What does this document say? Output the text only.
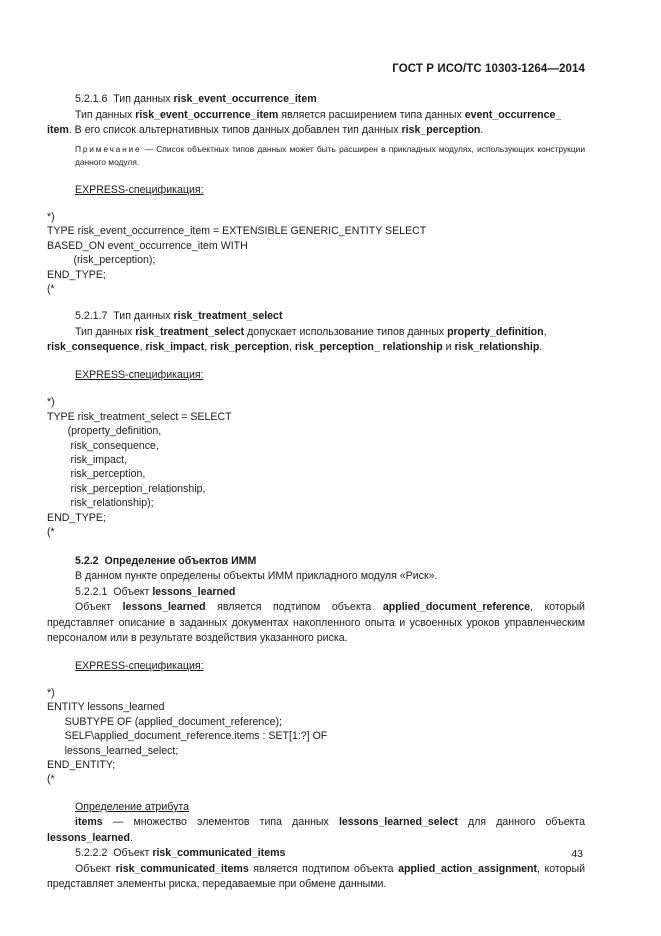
ГОСТ Р ИСО/ТС 10303-1264—2014

5.2.1.6 Тип данных risk_event_occurrence_item

Тип данных risk_event_occurrence_item является расширением типа данных event_occurrence_

item. В его список альтернативных типов данных добавлен тип данных risk_perception.

Примечание — Список объектных типов данных может быть расширен в прикладных модулях, использующих конструкции данного модуля.

EXPRESS-спецификация:

*)
TYPE risk_event_occurrence_item = EXTENSIBLE GENERIC_ENTITY SELECT
BASED_ON event_occurrence_item WITH
(risk_perception);
END_TYPE;
(*

5.2.1.7 Тип данных risk_treatment_select

Тип данных risk_treatment_select допускает использование типов данных property_definition,

risk_consequence, risk_impact, risk_perception, risk_perception_ relationship и risk_relationship.

EXPRESS-спецификация:

*)
TYPE risk_treatment_select = SELECT
(property_definition,
risk_consequence,
risk_impact,
risk_perception,
risk_perception_relationship,
risk_relationship);
END_TYPE;
(*

5.2.2 Определение объектов ИММ

В данном пункте определены объекты ИММ прикладного модуля «Риск».

5.2.2.1 Объект lessons_learned

Объект lessons_learned является подтипом объекта applied_document_reference, который представляет описание в заданных документах накопленного опыта и усвоенных уроков управленческим персоналом или в результате воздействия указанного риска.

EXPRESS-спецификация:

*)
ENTITY lessons_learned
SUBTYPE OF (applied_document_reference);
SELF\applied_document_reference.items : SET[1:?] OF
lessons_learned_select;
END_ENTITY;
(*

Определение атрибута

items — множество элементов типа данных lessons_learned_select для данного объекта lessons_learned.

5.2.2.2 Объект risk_communicated_items

Объект risk_communicated_items является подтипом объекта applied_action_assignment, который представляет элементы риска, передаваемые при обмене данными.

43
